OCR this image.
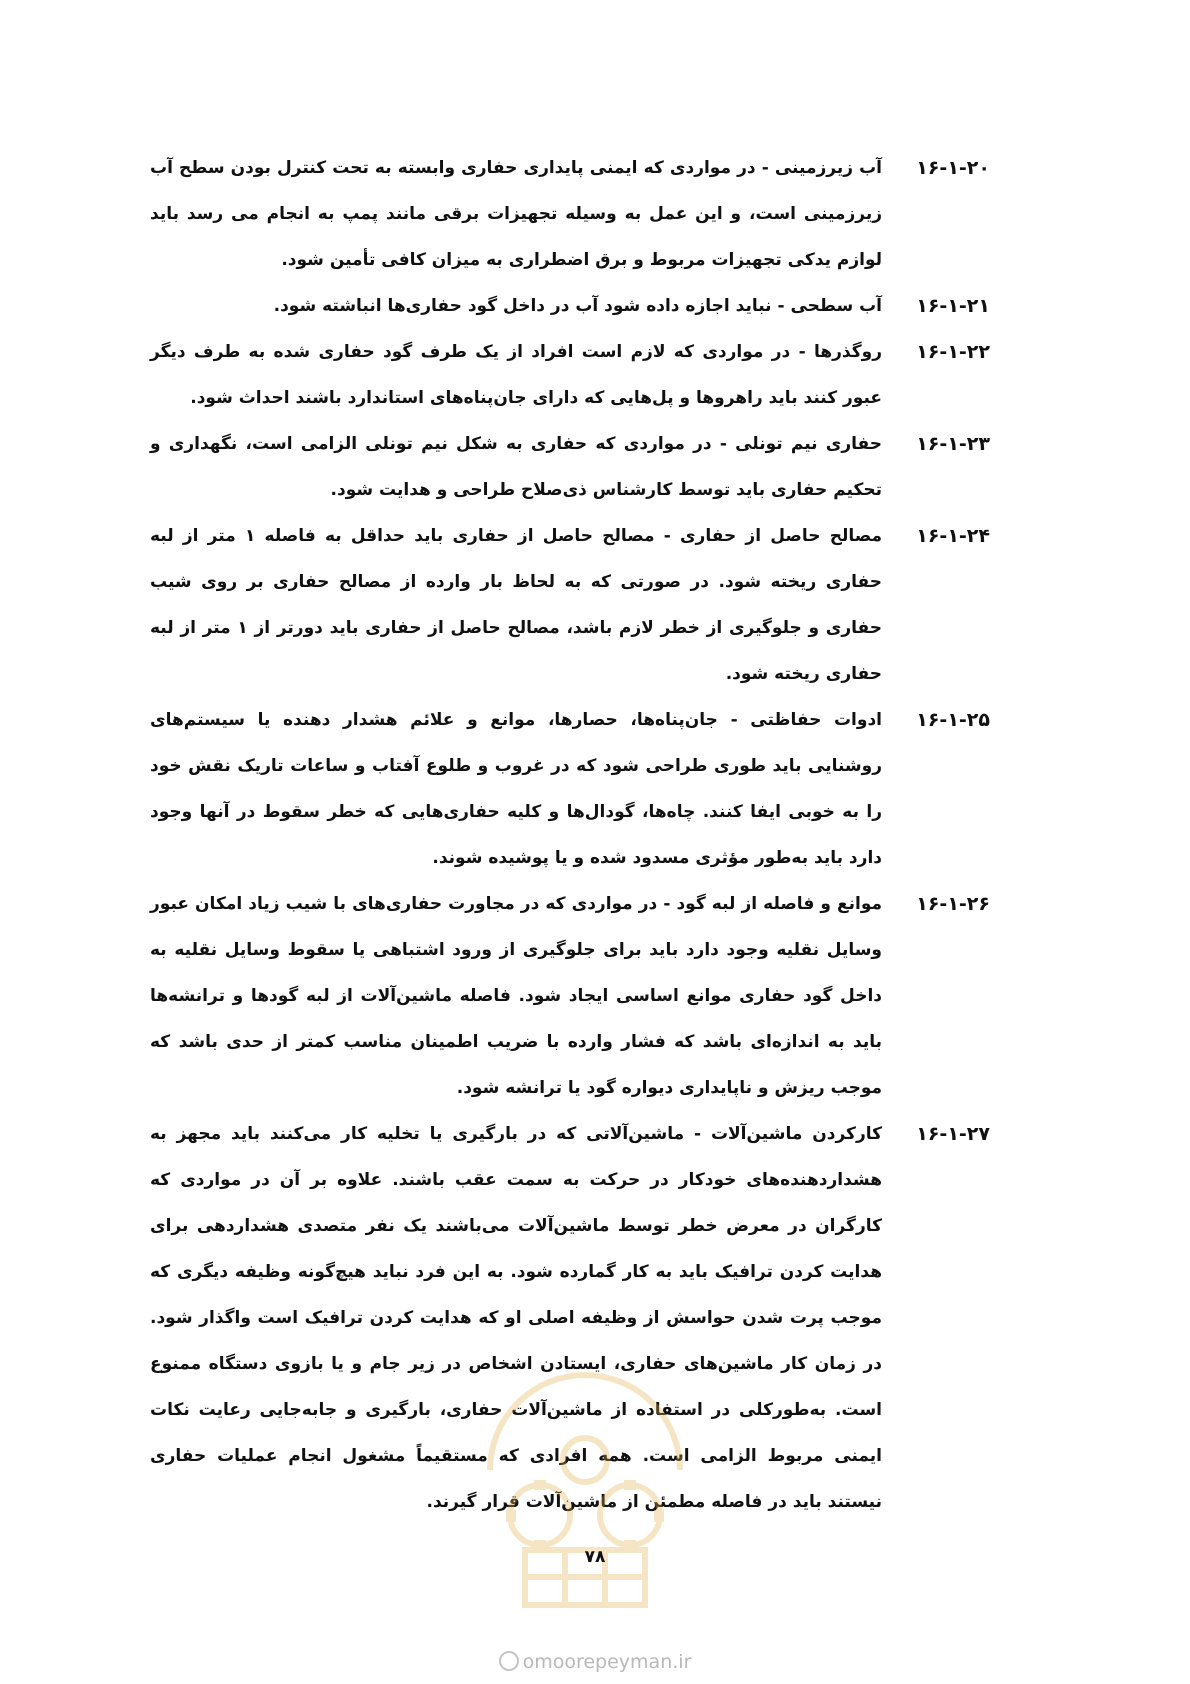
۱۶-۱-۲۰
آب زیرزمینی - در مواردی که ایمنی پایداری حفاری وابسته به تحت کنترل بودن سطح آب زیرزمینی است، و این عمل به وسیله تجهیزات برقی مانند پمپ به انجام می رسد باید لوازم یدکی تجهیزات مربوط و برق اضطراری به میزان کافی تأمین شود.
۱۶-۱-۲۱
آب سطحی - نباید اجازه داده شود آب در داخل گود حفاری‌ها انباشته شود.
۱۶-۱-۲۲
روگذرها - در مواردی که لازم است افراد از یک طرف گود حفاری شده به طرف دیگر عبور کنند باید راهروها و پل‌هایی که دارای جان‌پناه‌های استاندارد باشند احداث شود.
۱۶-۱-۲۳
حفاری نیم تونلی - در مواردی که حفاری به شکل نیم تونلی الزامی است، نگهداری و تحکیم حفاری باید توسط کارشناس ذی‌صلاح طراحی و هدایت شود.
۱۶-۱-۲۴
مصالح حاصل از حفاری - مصالح حاصل از حفاری باید حداقل به فاصله ۱ متر از لبه حفاری ریخته شود. در صورتی که به لحاظ بار وارده از مصالح حفاری بر روی شیب حفاری و جلوگیری از خطر لازم باشد، مصالح حاصل از حفاری باید دورتر از ۱ متر از لبه حفاری ریخته شود.
۱۶-۱-۲۵
ادوات حفاظتی - جان‌پناه‌ها، حصارها، موانع و علائم هشدار دهنده یا سیستم‌های روشنایی باید طوری طراحی شود که در غروب و طلوع آفتاب و ساعات تاریک نقش خود را به خوبی ایفا کنند. چاه‌ها، گودال‌ها و کلیه حفاری‌هایی که خطر سقوط در آنها وجود دارد باید به‌طور مؤثری مسدود شده و یا پوشیده شوند.
۱۶-۱-۲۶
موانع و فاصله از لبه گود - در مواردی که در مجاورت حفاری‌های با شیب زیاد امکان عبور وسایل نقلیه وجود دارد باید برای جلوگیری از ورود اشتباهی یا سقوط وسایل نقلیه به داخل گود حفاری موانع اساسی ایجاد شود. فاصله ماشین‌آلات از لبه گودها و ترانشه‌ها باید به اندازه‌ای باشد که فشار وارده با ضریب اطمینان مناسب کمتر از حدی باشد که موجب ریزش و ناپایداری دیواره گود یا ترانشه شود.
۱۶-۱-۲۷
کارکردن ماشین‌آلات - ماشین‌آلاتی که در بارگیری یا تخلیه کار می‌کنند باید مجهز به هشداردهنده‌های خودکار در حرکت به سمت عقب باشند. علاوه بر آن در مواردی که کارگران در معرض خطر توسط ماشین‌آلات می‌باشند یک نفر متصدی هشداردهی برای هدایت کردن ترافیک باید به کار گمارده شود. به این فرد نباید هیچ‌گونه وظیفه دیگری که موجب پرت شدن حواسش از وظیفه اصلی او که هدایت کردن ترافیک است واگذار شود. در زمان کار ماشین‌های حفاری، ایستادن اشخاص در زیر جام و یا بازوی دستگاه ممنوع است. به‌طورکلی در استفاده از ماشین‌آلات حفاری، بارگیری و جابه‌جایی رعایت نکات ایمنی مربوط الزامی است. همه افرادی که مستقیماً مشغول انجام عملیات حفاری نیستند باید در فاصله مطمئن از ماشین‌آلات قرار گیرند.
۷۸
omoorepeyman.ir
